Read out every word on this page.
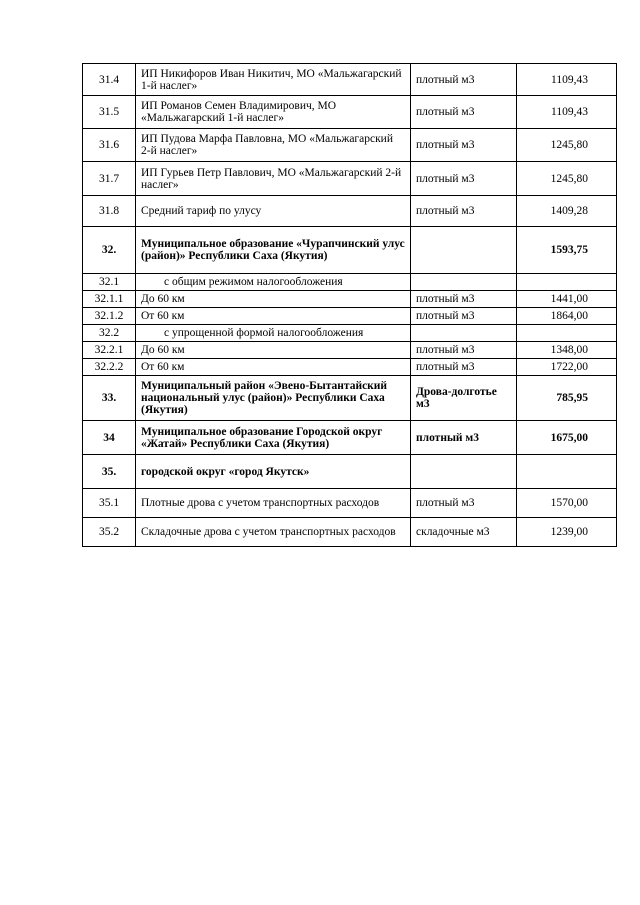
31.4	ИП Никифоров Иван Никитич, МО «Мальжагарский 1-й наслег»	плотный м3	1109,43
31.5	ИП Романов Семен Владимирович, МО «Мальжагарский 1-й наслег»	плотный м3	1109,43
31.6	ИП Пудова Марфа Павловна, МО «Мальжагарский 2-й наслег»	плотный м3	1245,80
31.7	ИП Гурьев Петр Павлович, МО «Мальжагарский 2-й наслег»	плотный м3	1245,80
31.8	Средний тариф по улусу	плотный м3	1409,28
32.	Муниципальное образование «Чурапчинский улус (район)» Республики Саха (Якутия)		1593,75
32.1	с общим режимом налогообложения		
32.1.1	До 60 км	плотный м3	1441,00
32.1.2	От 60 км	плотный м3	1864,00
32.2	с упрощенной формой налогообложения		
32.2.1	До 60 км	плотный м3	1348,00
32.2.2	От 60 км	плотный м3	1722,00
33.	Муниципальный район «Эвено-Бытантайский национальный улус (район)» Республики Саха (Якутия)	Дрова-долготье м3	785,95
34	Муниципальное образование Городской округ «Жатай» Республики Саха (Якутия)	плотный м3	1675,00
35.	городской округ «город Якутск»		
35.1	Плотные дрова с учетом транспортных расходов	плотный м3	1570,00
35.2	Складочные дрова с учетом транспортных расходов	складочные м3	1239,00
